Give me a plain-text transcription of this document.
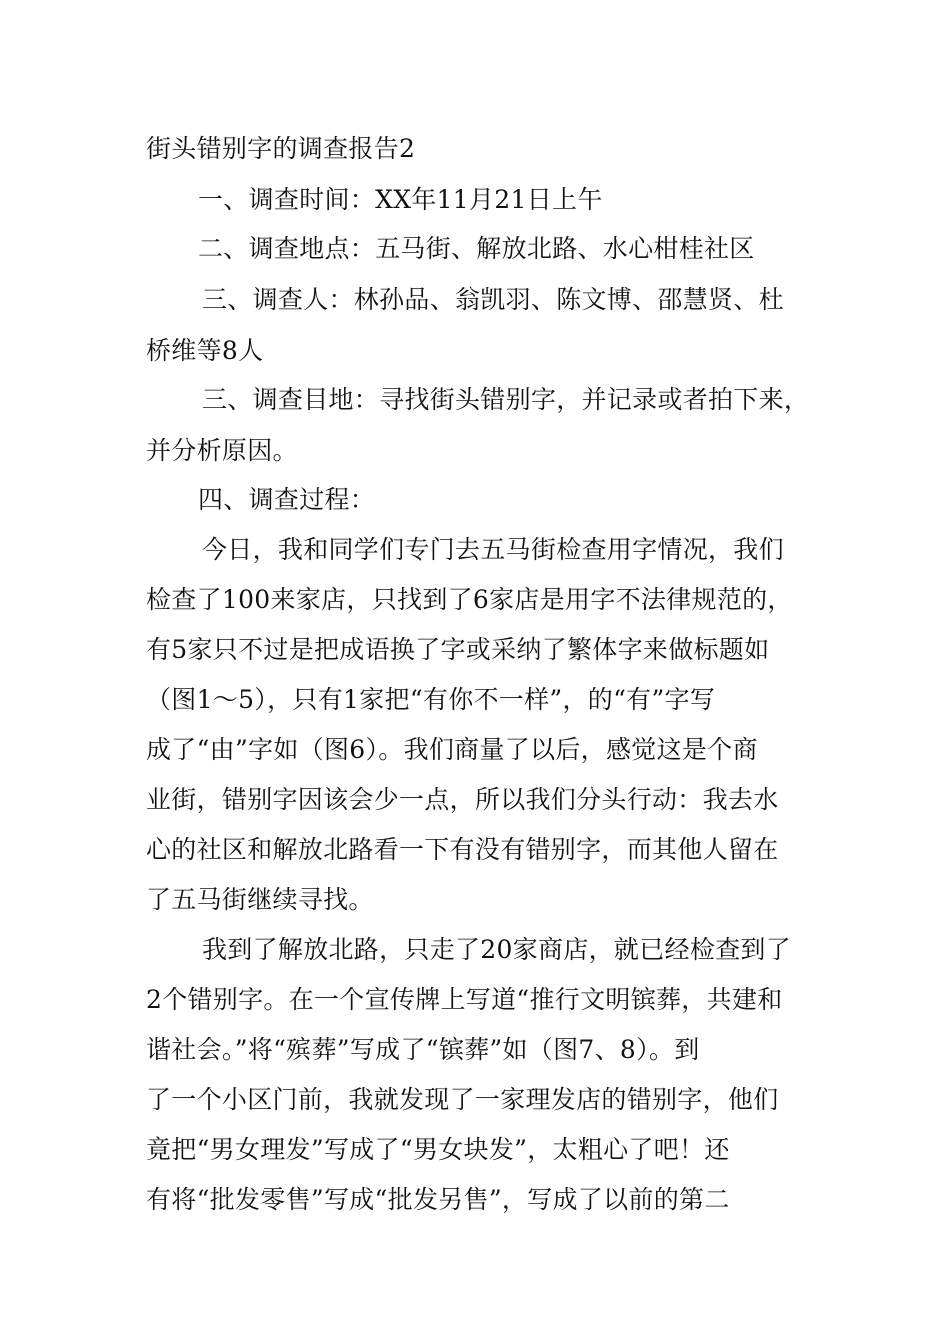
街头错别字的调查报告2
一、调查时间：XX年11月21日上午
二、调查地点：五马街、解放北路、水心柑桂社区
三、调查人：林孙品、翁凯羽、陈文博、邵慧贤、杜
桥维等8人
三、调查目地：寻找街头错别字，并记录或者拍下来，
并分析原因。
四、调查过程：
今日，我和同学们专门去五马街检查用字情况，我们
检查了100来家店，只找到了6家店是用字不法律规范的，
有5家只不过是把成语换了字或采纳了繁体字来做标题如
（图1～5），只有1家把“有你不一样”，的“有”字写
成了“由”字如（图6）。我们商量了以后，感觉这是个商
业街，错别字因该会少一点，所以我们分头行动：我去水
心的社区和解放北路看一下有没有错别字，而其他人留在
了五马街继续寻找。
我到了解放北路，只走了20家商店，就已经检查到了
2个错别字。在一个宣传牌上写道“推行文明镔葬，共建和
谐社会。”将“殡葬”写成了“镔葬”如（图7、8）。到
了一个小区门前，我就发现了一家理发店的错别字，他们
竟把“男女理发”写成了“男女块发”，太粗心了吧！还
有将“批发零售”写成“批发另售”，写成了以前的第二
